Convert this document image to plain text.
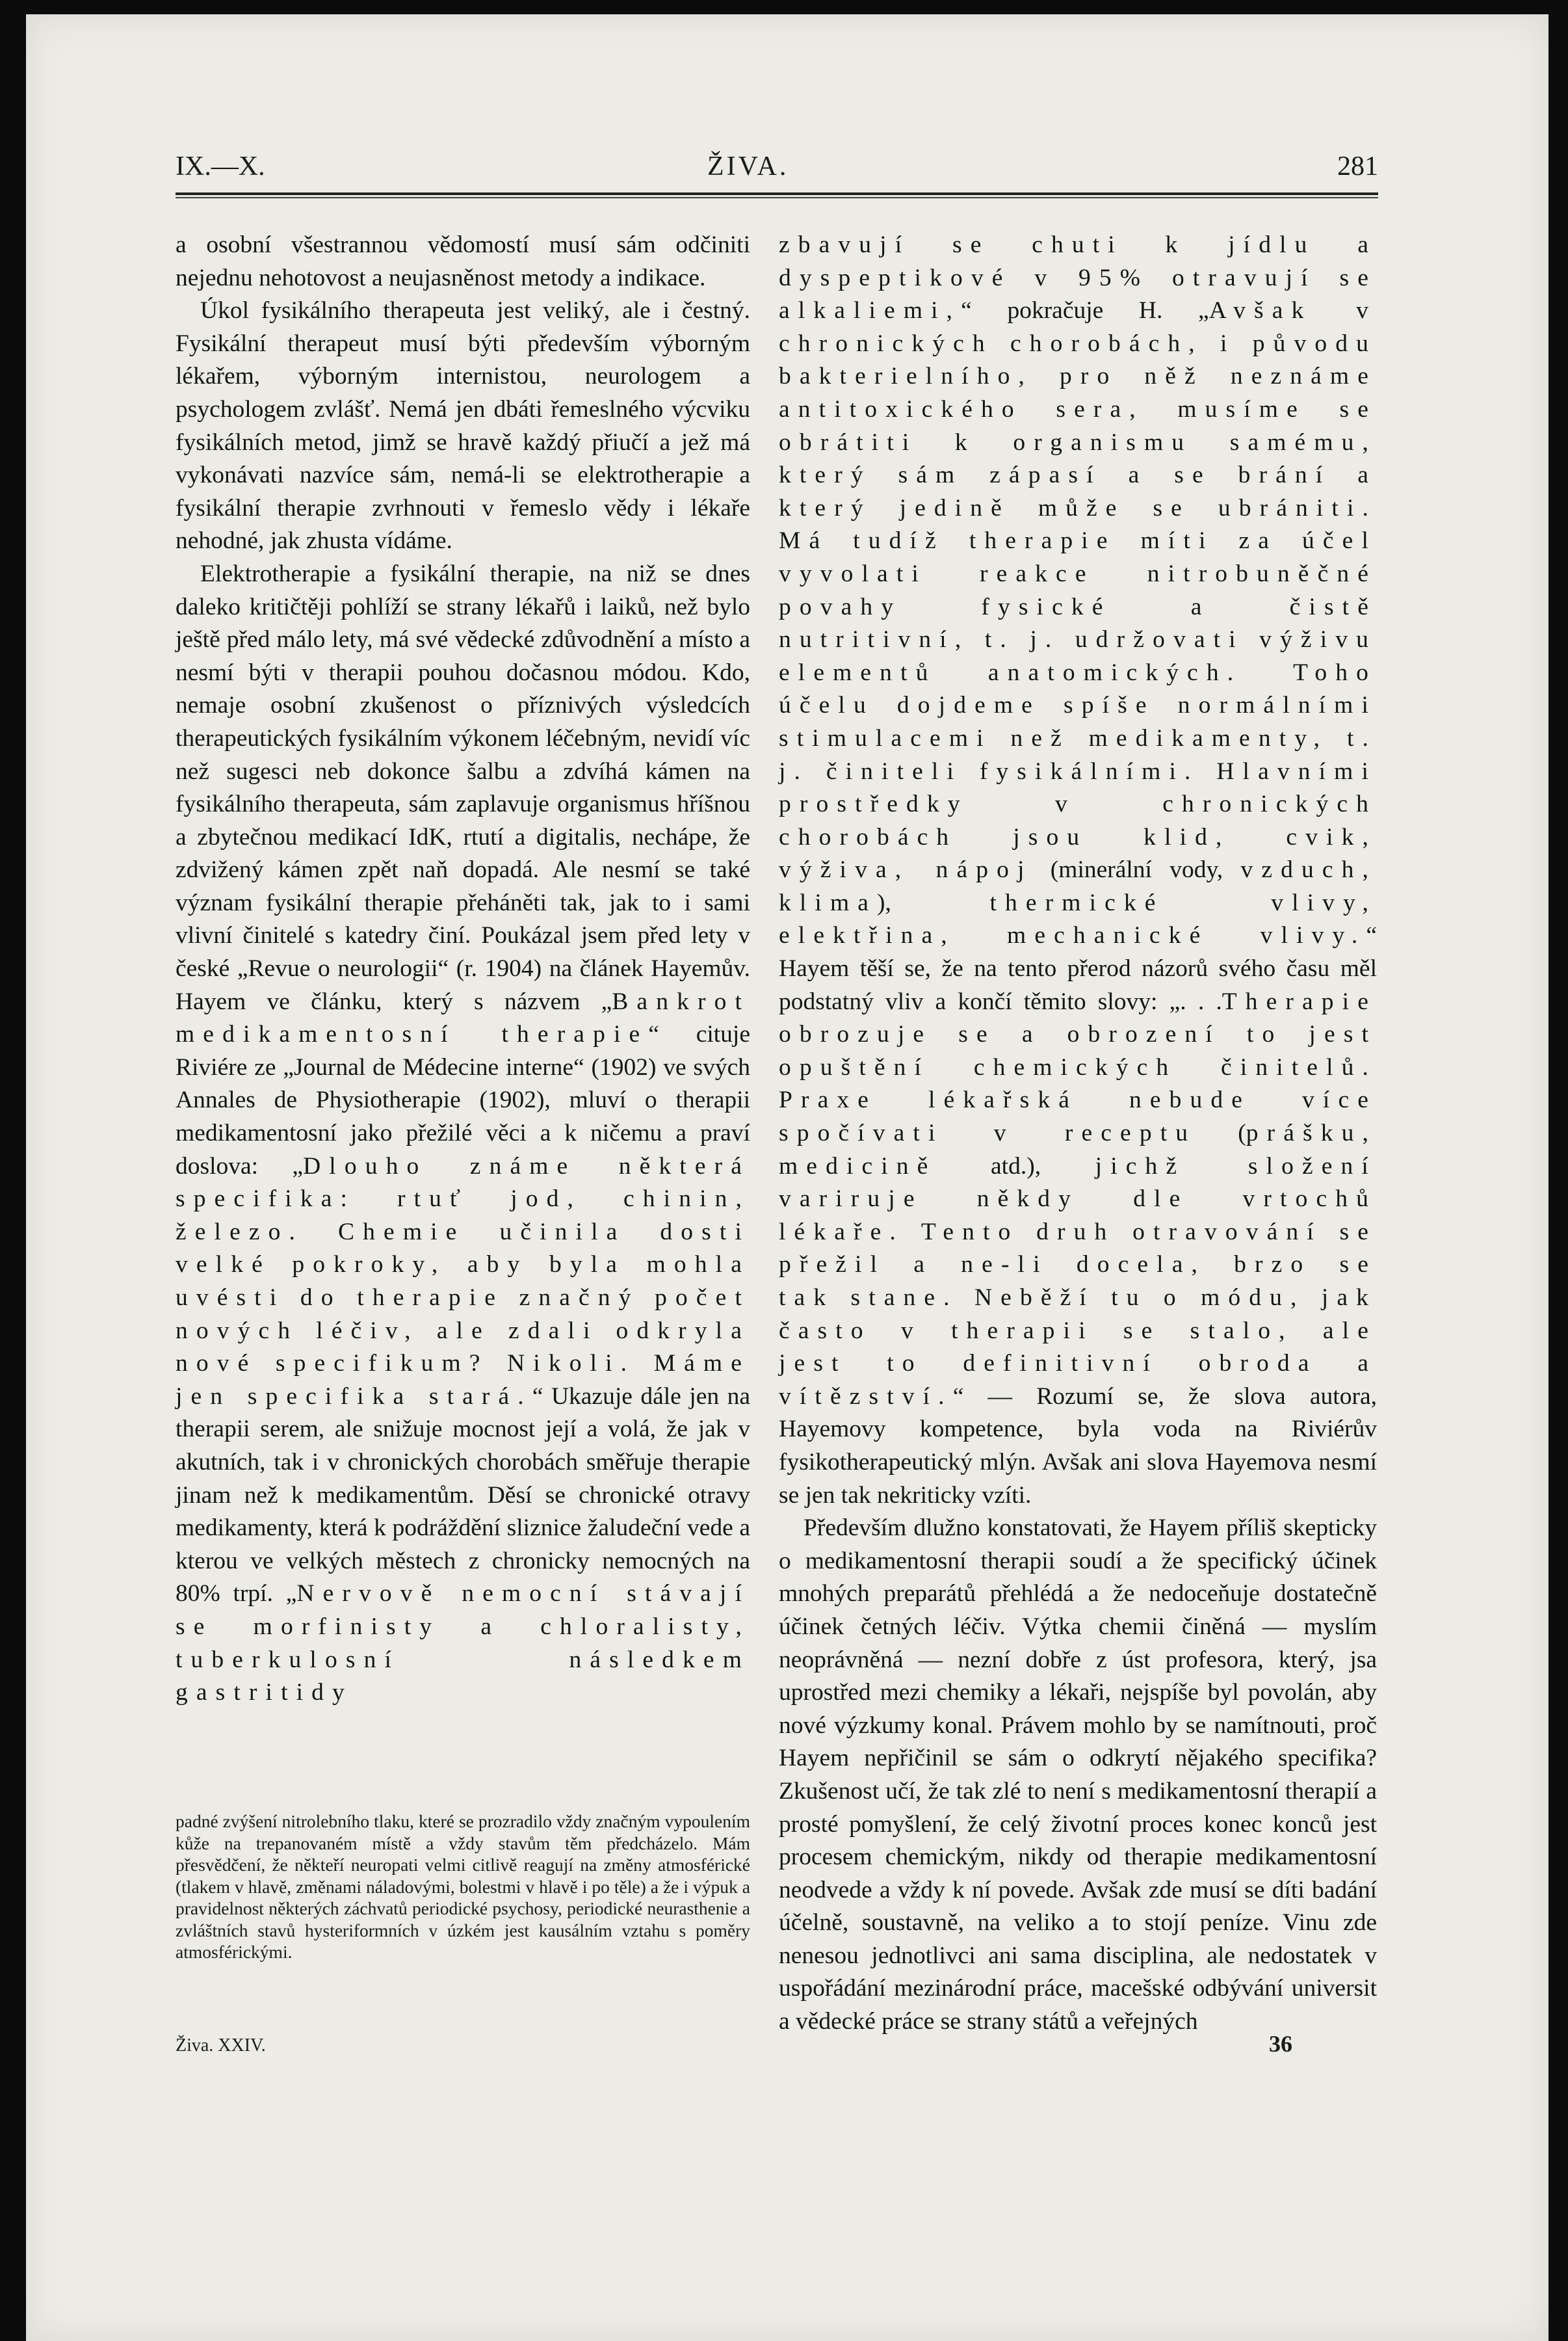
IX.—X.	ŽIVA.	281

a osobní všestrannou vědomostí musí sám odčiniti nejednu nehotovost a neujasněnost metody a indikace.

Úkol fysikálního therapeuta jest veliký, ale i čestný. Fysikální therapeut musí býti především výborným lékařem, výborným internistou, neurologem a psychologem zvlášť. Nemá jen dbáti řemeslného výcviku fysikálních metod, jimž se hravě každý přiučí a jež má vykonávati nazvíce sám, nemá-li se elektrotherapie a fysikální therapie zvrhnouti v řemeslo vědy i lékaře nehodné, jak zhusta vídáme.

Elektrotherapie a fysikální therapie, na niž se dnes daleko kritičtěji pohlíží se strany lékařů i laiků, než bylo ještě před málo lety, má své vědecké zdůvodnění a místo a nesmí býti v therapii pouhou dočasnou módou. Kdo, nemaje osobní zkušenost o příznivých výsledcích therapeutických fysikálním výkonem léčebným, nevidí víc než sugesci neb dokonce šalbu a zdvíhá kámen na fysikálního therapeuta, sám zaplavuje organismus hříšnou a zbytečnou medikací IdK, rtutí a digitalis, nechápe, že zdvižený kámen zpět naň dopadá. Ale nesmí se také význam fysikální therapie přeháněti tak, jak to i sami vlivní činitelé s katedry činí. Poukázal jsem před lety v české „Revue o neurologii“ (r. 1904) na článek Hayemův. Hayem ve článku, který s názvem „Bankrot medikamentosní therapie“ cituje Riviére ze „Journal de Médecine interne“ (1902) ve svých Annales de Physiotherapie (1902), mluví o therapii medikamentosní jako přežilé věci a k ničemu a praví doslova: „Dlouho známe některá specifika: rtuť jod, chinin, železo. Chemie učinila dosti velké pokroky, aby byla mohla uvésti do therapie značný počet nových léčiv, ale zdali odkryla nové specifikum? Nikoli. Máme jen specifika stará.“ Ukazuje dále jen na therapii serem, ale snižuje mocnost její a volá, že jak v akutních, tak i v chronických chorobách směřuje therapie jinam než k medikamentům. Děsí se chronické otravy medikamenty, která k podráždění sliznice žaludeční vede a kterou ve velkých městech z chronicky nemocných na 80% trpí. „Nervově nemocní stávají se morfinisty a chloralisty, tuberkulosní následkem gastritidy

padné zvýšení nitrolebního tlaku, které se prozradilo vždy značným vypoulením kůže na trepanovaném místě a vždy stavům těm předcházelo. Mám přesvědčení, že někteří neuropati velmi citlivě reagují na změny atmosférické (tlakem v hlavě, změnami náladovými, bolestmi v hlavě i po těle) a že i výpuk a pravidelnost některých záchvatů periodické psychosy, periodické neurasthenie a zvláštních stavů hysteriformních v úzkém jest kausálním vztahu s poměry atmosférickými.

zbavují se chuti k jídlu a dyspeptikové v 95% otravují se alkaliemi,“ pokračuje H. „Avšak v chronických chorobách, i původu bakterielního, pro něž neznáme antitoxického sera, musíme se obrátiti k organismu samému, který sám zápasí a se brání a který jedině může se ubrániti. Má tudíž therapie míti za účel vyvolati reakce nitrobuněčné povahy fysické a čistě nutritivní, t. j. udržovati výživu elementů anatomických. Toho účelu dojdeme spíše normálními stimulacemi než medikamenty, t. j. činiteli fysikálními. Hlavními prostředky v chronických chorobách jsou klid, cvik, výživa, nápoj (minerální vody, vzduch, klima), thermické vlivy, elektřina, mechanické vlivy.“ Hayem těší se, že na tento přerod názorů svého času měl podstatný vliv a končí těmito slovy: „. . .Therapie obrozuje se a obrození to jest opuštění chemických činitelů. Praxe lékařská nebude více spočívati v receptu (prášku, medicině atd.), jichž složení variruje někdy dle vrtochů lékaře. Tento druh otravování se přežil a ne-li docela, brzo se tak stane. Neběží tu o módu, jak často v therapii se stalo, ale jest to definitivní obroda a vítězství.“ — Rozumí se, že slova autora, Hayemovy kompetence, byla voda na Riviérův fysikotherapeutický mlýn. Avšak ani slova Hayemova nesmí se jen tak nekriticky vzíti.

Především dlužno konstatovati, že Hayem příliš skepticky o medikamentosní therapii soudí a že specifický účinek mnohých preparátů přehlédá a že nedoceňuje dostatečně účinek četných léčiv. Výtka chemii činěná — myslím neoprávněná — nezní dobře z úst profesora, který, jsa uprostřed mezi chemiky a lékaři, nejspíše byl povolán, aby nové výzkumy konal. Právem mohlo by se namítnouti, proč Hayem nepřičinil se sám o odkrytí nějakého specifika? Zkušenost učí, že tak zlé to není s medikamentosní therapií a prosté pomyšlení, že celý životní proces konec konců jest procesem chemickým, nikdy od therapie medikamentosní neodvede a vždy k ní povede. Avšak zde musí se díti badání účelně, soustavně, na veliko a to stojí peníze. Vinu zde nenesou jednotlivci ani sama disciplina, ale nedostatek v uspořádání mezinárodní práce, macešské odbývání universit a vědecké práce se strany států a veřejných

Živa. XXIV.	36
